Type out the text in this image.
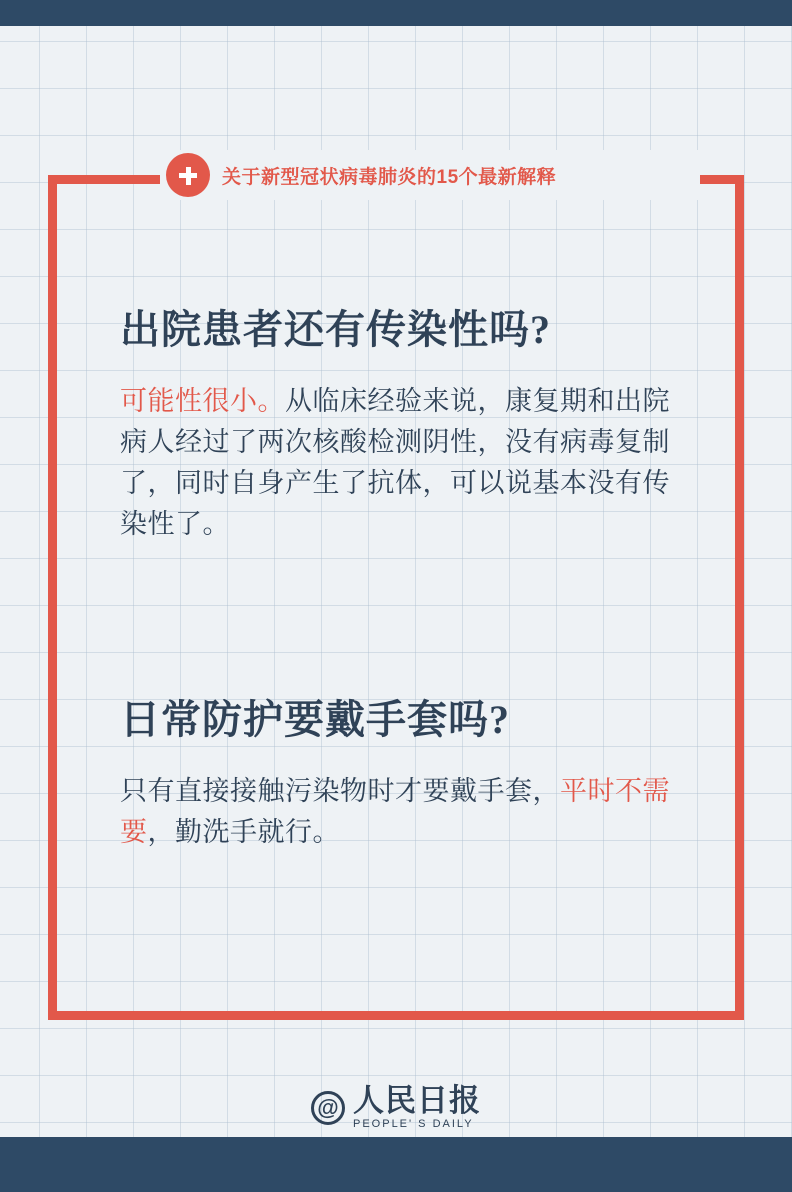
关于新型冠状病毒肺炎的15个最新解释
出院患者还有传染性吗?

可能性很小。从临床经验来说，康复期和出院病人经过了两次核酸检测阴性，没有病毒复制了，同时自身产生了抗体，可以说基本没有传染性了。

日常防护要戴手套吗?

只有直接接触污染物时才要戴手套，平时不需要，勤洗手就行。

@ 人民日报
PEOPLE' S DAILY
